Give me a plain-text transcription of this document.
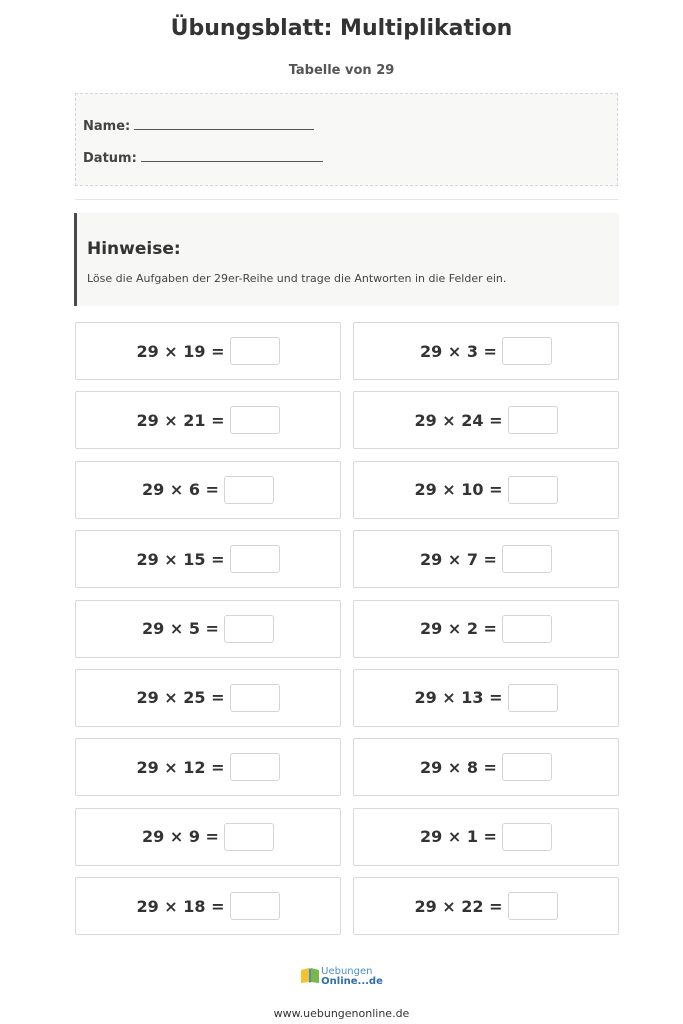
Übungsblatt: Multiplikation
Tabelle von 29
Name:
Datum:
Hinweise:
Löse die Aufgaben der 29er-Reihe und trage die Antworten in die Felder ein.
29 × 19 =	29 × 3 =
29 × 21 =	29 × 24 =
29 × 6 =	29 × 10 =
29 × 15 =	29 × 7 =
29 × 5 =	29 × 2 =
29 × 25 =	29 × 13 =
29 × 12 =	29 × 8 =
29 × 9 =	29 × 1 =
29 × 18 =	29 × 22 =
Uebungen
Online...de
www.uebungenonline.de
